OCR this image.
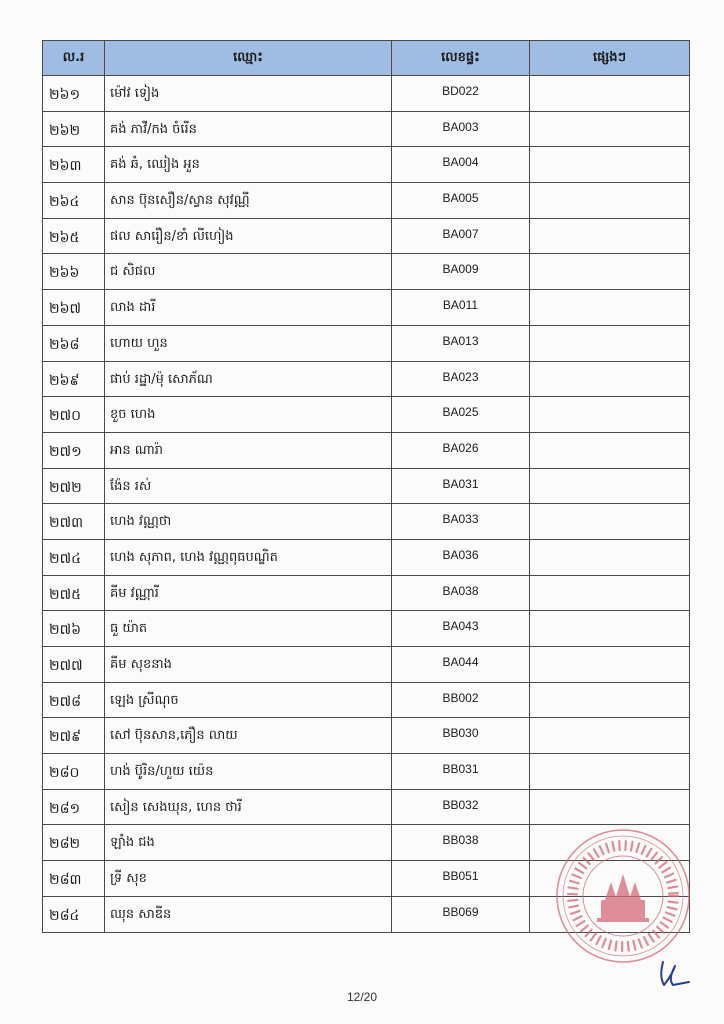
ល.រ	ឈ្មោះ	លេខផ្ទះ	ផ្សេងៗ
២៦១	ម៉ៅវ ទៀង	BD022	
២៦២	គង់ ភាវី/កង ចំរើន	BA003	
២៦៣	គង់ ឆំ, ឈៀង អួន	BA004	
២៦៤	សាន ប៊ុនសឿន/ស្វាន សុវណ្ណី	BA005	
២៦៥	ផល សារឿន/ខាំ លីហៀង	BA007	
២៦៦	ជ សិផល	BA009	
២៦៧	លាង ដារី	BA011	
២៦៨	ហោយ ហួន	BA013	
២៦៩	ផាប់ រដ្ឋា/ម៉ុ សោភ័ណ	BA023	
២៧០	ខួច ហេង	BA025	
២៧១	អាន ណារ៉ា	BA026	
២៧២	ង៉ែន រស់	BA031	
២៧៣	ហេង វណ្ណថា	BA033	
២៧៤	ហេង សុភាព, ហេង វណ្ណពុធបណ្ឌិត	BA036	
២៧៥	គីម វណ្ណារី	BA038	
២៧៦	ធួ យ៉ាត	BA043	
២៧៧	គីម សុខនាង	BA044	
២៧៨	ឡេង ស្រីណុច	BB002	
២៧៩	សៅ ប៊ុនសាន,ភឿន លាយ	BB030	
២៨០	ហង់ ប៊ូរិន/ហួយ យ៉េន	BB031	
២៨១	សៀន សេងឃុន, ហេន ថារី	BB032	
២៨២	ឡាំង ជង	BB038	
២៨៣	ទ្រី សុខ	BB051	
២៨៤	ឈុន សាឌីន	BB069	
12/20
